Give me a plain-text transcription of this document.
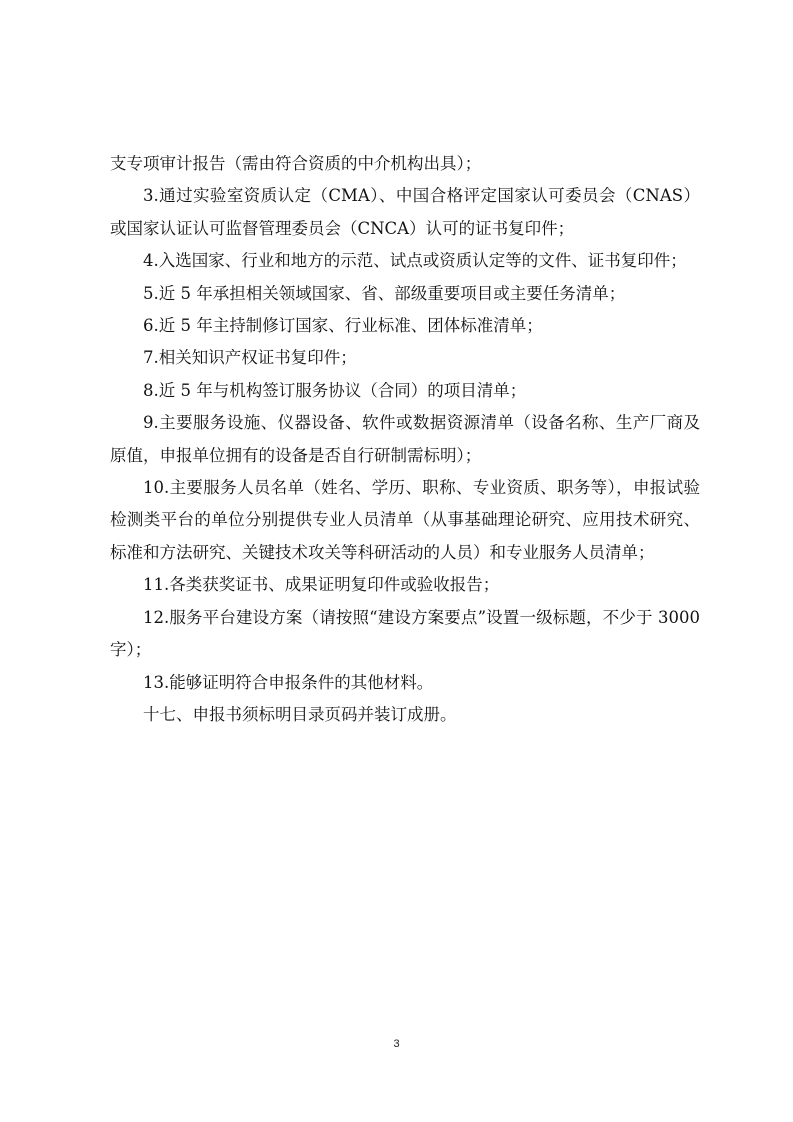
支专项审计报告（需由符合资质的中介机构出具）；

3.通过实验室资质认定（CMA）、中国合格评定国家认可委员会（CNAS）或国家认证认可监督管理委员会（CNCA）认可的证书复印件；

4.入选国家、行业和地方的示范、试点或资质认定等的文件、证书复印件；

5.近 5 年承担相关领域国家、省、部级重要项目或主要任务清单；

6.近 5 年主持制修订国家、行业标准、团体标准清单；

7.相关知识产权证书复印件；

8.近 5 年与机构签订服务协议（合同）的项目清单；

9.主要服务设施、仪器设备、软件或数据资源清单（设备名称、生产厂商及原值，申报单位拥有的设备是否自行研制需标明）；

10.主要服务人员名单（姓名、学历、职称、专业资质、职务等），申报试验检测类平台的单位分别提供专业人员清单（从事基础理论研究、应用技术研究、标准和方法研究、关键技术攻关等科研活动的人员）和专业服务人员清单；

11.各类获奖证书、成果证明复印件或验收报告；

12.服务平台建设方案（请按照“建设方案要点”设置一级标题，不少于 3000 字）；

13.能够证明符合申报条件的其他材料。

十七、申报书须标明目录页码并装订成册。

3
